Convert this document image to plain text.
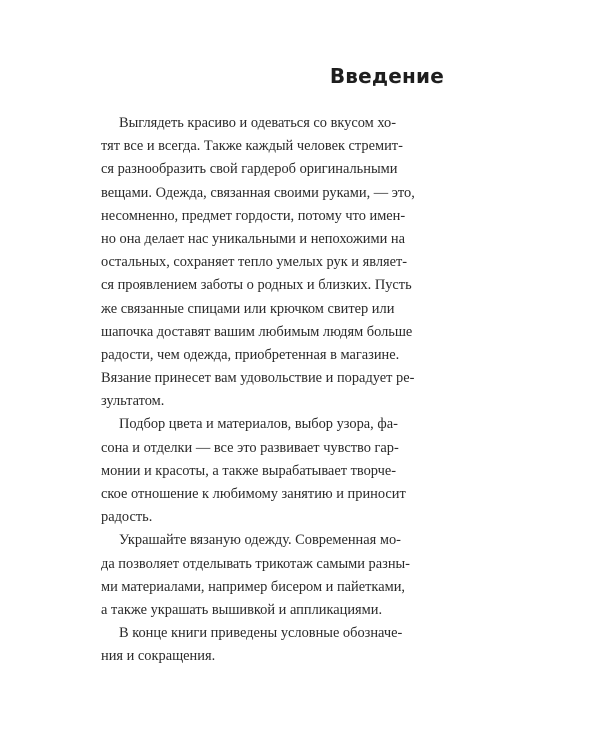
Введение
Выглядеть красиво и одеваться со вкусом хо-
тят все и всегда. Также каждый человек стремит-
ся разнообразить свой гардероб оригинальными
вещами. Одежда, связанная своими руками, — это,
несомненно, предмет гордости, потому что имен-
но она делает нас уникальными и непохожими на
остальных, сохраняет тепло умелых рук и являет-
ся проявлением заботы о родных и близких. Пусть
же связанные спицами или крючком свитер или
шапочка доставят вашим любимым людям больше
радости, чем одежда, приобретенная в магазине.
Вязание принесет вам удовольствие и порадует ре-
зультатом.
Подбор цвета и материалов, выбор узора, фа-
сона и отделки — все это развивает чувство гар-
монии и красоты, а также вырабатывает творче-
ское отношение к любимому занятию и приносит
радость.
Украшайте вязаную одежду. Современная мо-
да позволяет отделывать трикотаж самыми разны-
ми материалами, например бисером и пайетками,
а также украшать вышивкой и аппликациями.
В конце книги приведены условные обозначе-
ния и сокращения.
